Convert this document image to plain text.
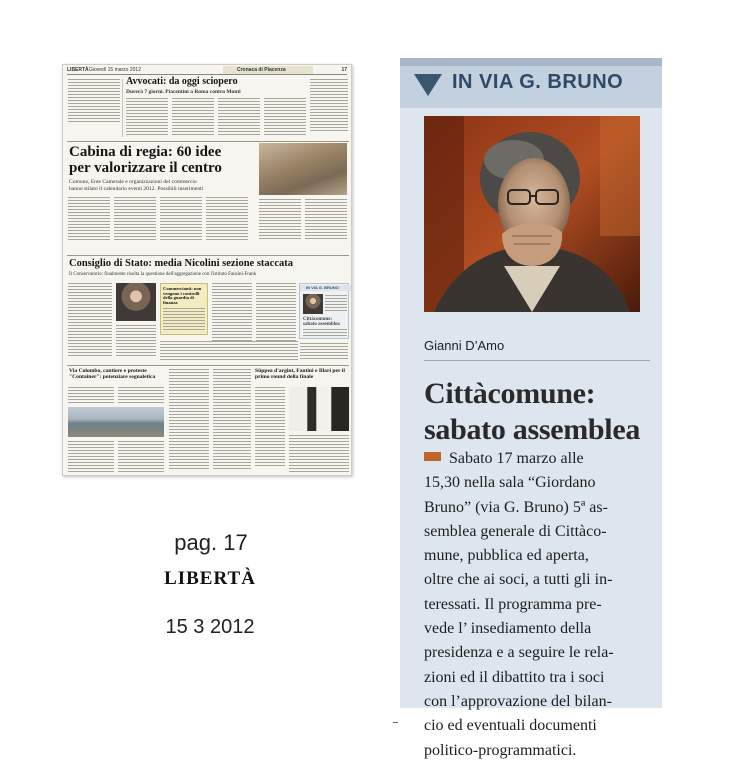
LIBERTÀ Giovedì 15 marzo 2012	Cronaca di Piacenza	17
Avvocati: da oggi sciopero
Durerà 7 giorni. Piacentini a Roma contro Monti
Cabina di regia: 60 idee
per valorizzare il centro
Comune, Ente Camerale e organizzazioni del commercio
hanno stilato il calendario eventi 2012. Possibili inserimenti
Consiglio di Stato: media Nicolini sezione staccata
Il Conservatorio: finalmente risolta la questione dell'aggregazione con l'istituto Fausini-Frank
Commercianti: non vengono i controlli della guardia di finanza
IN VIA G. BRUNO
Cittàcomune: sabato assemblea
Via Colombo, cantiere e proteste "Container": potenziare segnaletica
Sûppea d'argint, Fantini e Illari per il primo round della finale
pag. 17
LIBERTÀ
15 3 2012
IN VIA G. BRUNO
Gianni D’Amo
Cittàcomune:
sabato assemblea
Sabato 17 marzo alle
15,30 nella sala “Giordano
Bruno” (via G. Bruno) 5ª as-
semblea generale di Cittàco-
mune, pubblica ed aperta,
oltre che ai soci, a tutti gli in-
teressati. Il programma pre-
vede l’ insediamento della
presidenza e a seguire le rela-
zioni ed il dibattito tra i soci
con l’approvazione del bilan-
cio ed eventuali documenti
politico-programmatici.
